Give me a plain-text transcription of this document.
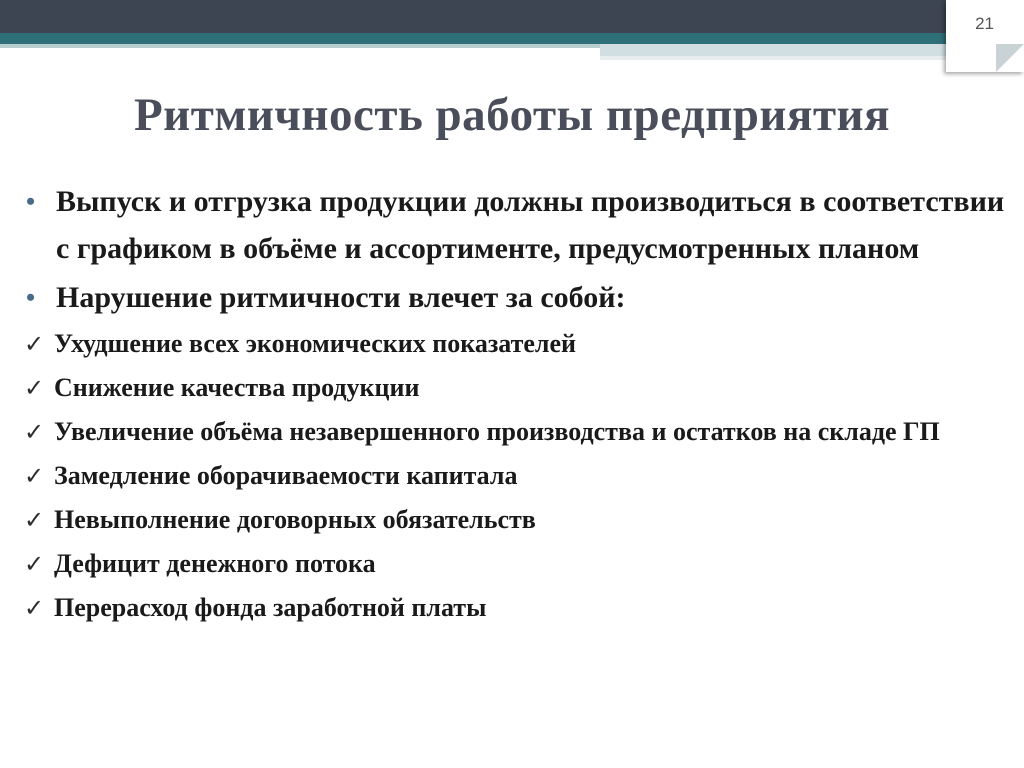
21
Ритмичность работы предприятия
• Выпуск и отгрузка продукции должны производиться в соответствии с графиком в объёме и ассортименте, предусмотренных планом
• Нарушение ритмичности влечет за собой:
✓ Ухудшение всех экономических показателей
✓ Снижение качества продукции
✓ Увеличение объёма незавершенного производства и остатков на складе ГП
✓ Замедление оборачиваемости капитала
✓ Невыполнение договорных обязательств
✓ Дефицит денежного потока
✓ Перерасход фонда заработной платы
